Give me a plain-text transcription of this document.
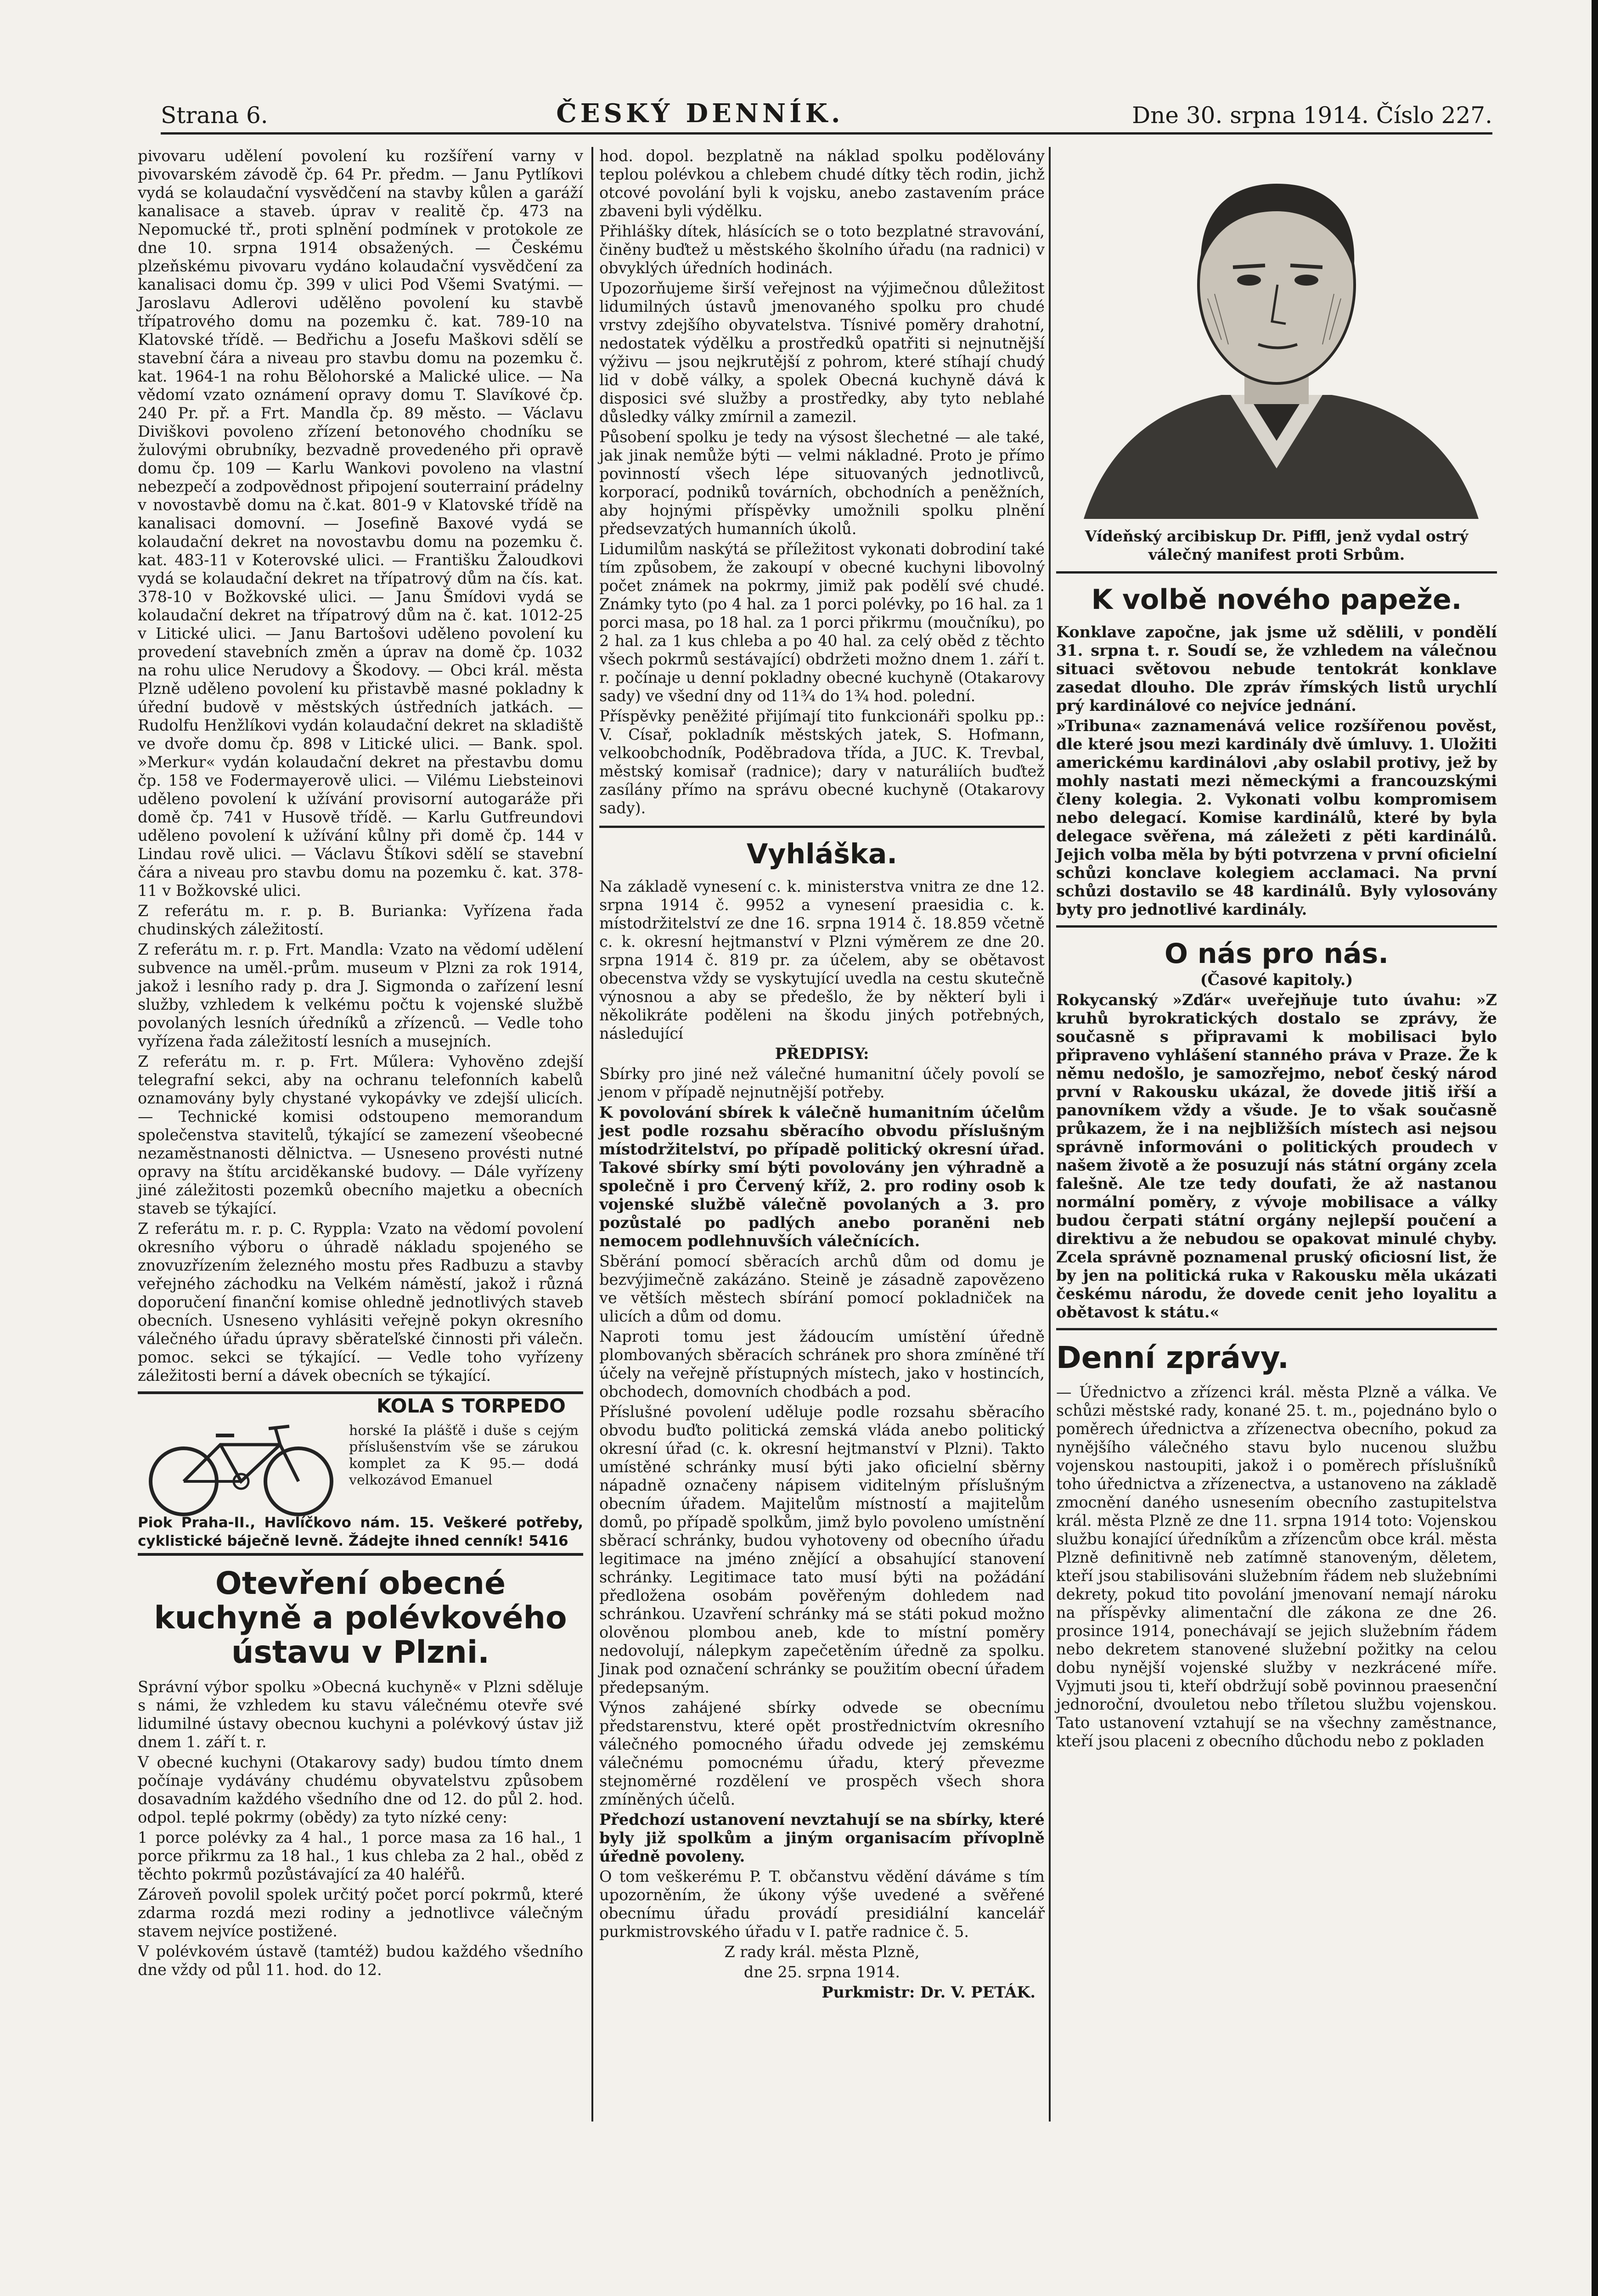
Strana 6.	ČESKÝ DENNÍK.	Dne 30. srpna 1914. Číslo 227.

pivovaru udělení povolení ku rozšíření varny v pivovarském závodě čp. 64 Pr. předm. — Janu Pytlíkovi vydá se kolaudační vysvědčení na stavby kůlen a garáží kanalisace a staveb. úprav v realitě čp. 473 na Nepomucké tř., proti splnění podmínek v protokole ze dne 10. srpna 1914 obsažených. — Českému plzeňskému pivovaru vydáno kolaudační vysvědčení za kanalisaci domu čp. 399 v ulici Pod Všemi Svatými. — Jaroslavu Adlerovi udělěno povolení ku stavbě třípatrového domu na pozemku č. kat. 789-10 na Klatovské třídě. — Bedřichu a Josefu Maškovi sdělí se stavební čára a niveau pro stavbu domu na pozemku č. kat. 1964-1 na rohu Bělohorské a Malické ulice. — Na vědomí vzato oznámení opravy domu T. Slavíkové čp. 240 Pr. př. a Frt. Mandla čp. 89 město. — Václavu Diviškovi povoleno zřízení betonového chodníku se žulovými obrubníky, bezvadně provedeného při opravě domu čp. 109 — Karlu Wankovi povoleno na vlastní nebezpečí a zodpovědnost připojení souterrainí prádelny v novostavbě domu na č.kat. 801-9 v Klatovské třídě na kanalisaci domovní. — Josefině Baxové vydá se kolaudační dekret na novostavbu domu na pozemku č. kat. 483-11 v Koterovské ulici. — Františku Žaloudkovi vydá se kolaudační dekret na třípatrový dům na čís. kat. 378-10 v Božkovské ulici. — Janu Šmídovi vydá se kolaudační dekret na třípatrový dům na č. kat. 1012-25 v Litické ulici. — Janu Bartošovi uděleno povolení ku provedení stavebních změn a úprav na domě čp. 1032 na rohu ulice Nerudovy a Škodovy. — Obci král. města Plzně uděleno povolení ku přistavbě masné pokladny k úřední budově v městských ústředních jatkách. — Rudolfu Henžlíkovi vydán kolaudační dekret na skladiště ve dvoře domu čp. 898 v Litické ulici. — Bank. spol. »Merkur« vydán kolaudační dekret na přestavbu domu čp. 158 ve Fodermayerově ulici. — Vilému Liebsteinovi uděleno povolení k užívání provisorní autogaráže při domě čp. 741 v Husově třídě. — Karlu Gutfreundovi uděleno povolení k užívání kůlny při domě čp. 144 v Lindau rově ulici. — Václavu Štíkovi sdělí se stavební čára a niveau pro stavbu domu na pozemku č. kat. 378-11 v Božkovské ulici.

Z referátu m. r. p. B. Burianka: Vyřízena řada chudinských záležitostí.

Z referátu m. r. p. Frt. Mandla: Vzato na vědomí udělení subvence na uměl.-prům. museum v Plzni za rok 1914, jakož i lesního rady p. dra J. Sigmonda o zařízení lesní služby, vzhledem k velkému počtu k vojenské službě povolaných lesních úředníků a zřízenců. — Vedle toho vyřízena řada záležitostí lesních a musejních.

Z referátu m. r. p. Frt. Műlera: Vyhověno zdejší telegrafní sekci, aby na ochranu telefonních kabelů oznamovány byly chystané vykopávky ve zdejší ulicích. — Technické komisi odstoupeno memorandum společenstva stavitelů, týkající se zamezení všeobecné nezaměstnanosti dělnictva. — Usneseno provésti nutné opravy na štítu arciděkanské budovy. — Dále vyřízeny jiné záležitosti pozemků obecního majetku a obecních staveb se týkající.

Z referátu m. r. p. C. Ryppla: Vzato na vědomí povolení okresního výboru o úhradě nákladu spojeného se znovuzřízením železného mostu přes Radbuzu a stavby veřejného záchodku na Velkém náměstí, jakož i různá doporučení finanční komise ohledně jednotlivých staveb obecních. Usneseno vyhlásiti veřejně pokyn okresního válečného úřadu úpravy sběrateľské činnosti při válečn. pomoc. sekci se týkající. — Vedle toho vyřízeny záležitosti berní a dávek obecních se týkající.

KOLA S TORPEDO
horské Ia plášťě i duše s cejým příslušenstvím vše se zárukou komplet za K 95.— dodá velkozávod Emanuel
Piok Praha-II., Havlíčkovo nám. 15. Veškeré potřeby, cyklistické báječně levně. Žádejte ihned cenník! 5416
Otevření obecné kuchyně a polévkového ústavu v Plzni.

Správní výbor spolku »Obecná kuchyně« v Plzni sděluje s námi, že vzhledem ku stavu válečnému otevře své lidumilné ústavy obecnou kuchyni a polévkový ústav již dnem 1. září t. r.

V obecné kuchyni (Otakarovy sady) budou tímto dnem počínaje vydávány chudému obyvatelstvu způsobem dosavadním každého všedního dne od 12. do půl 2. hod. odpol. teplé pokrmy (obědy) za tyto nízké ceny:

1 porce polévky za 4 hal., 1 porce masa za 16 hal., 1 porce přikrmu za 18 hal., 1 kus chleba za 2 hal., oběd z těchto pokrmů pozůstávající za 40 haléřů.

Zároveň povolil spolek určitý počet porcí pokrmů, které zdarma rozdá mezi rodiny a jednotlivce válečným stavem nejvíce postižené.

V polévkovém ústavě (tamtéž) budou každého všedního dne vždy od půl 11. hod. do 12.

hod. dopol. bezplatně na náklad spolku podělovány teplou polévkou a chlebem chudé dítky těch rodin, jichž otcové povolání byli k vojsku, anebo zastavením práce zbaveni byli výdělku.

Přihlášky dítek, hlásících se o toto bezplatné stravování, činěny buďtež u městského školního úřadu (na radnici) v obvyklých úředních hodinách.

Upozorňujeme širší veřejnost na výjimečnou důležitost lidumilných ústavů jmenovaného spolku pro chudé vrstvy zdejšího obyvatelstva. Tísnivé poměry drahotní, nedostatek výdělku a prostředků opatřiti si nejnutnější výživu — jsou nejkrutější z pohrom, které stíhají chudý lid v době války, a spolek Obecná kuchyně dává k disposici své služby a prostředky, aby tyto neblahé důsledky války zmírnil a zamezil.

Působení spolku je tedy na výsost šlechetné — ale také, jak jinak nemůže býti — velmi nákladné. Proto je přímo povinností všech lépe situovaných jednotlivců, korporací, podniků továrních, obchodních a peněžních, aby hojnými příspěvky umožnili spolku plnění předsevzatých humanních úkolů.

Lidumilům naskýtá se příležitost vykonati dobrodiní také tím způsobem, že zakoupí v obecné kuchyni libovolný počet známek na pokrmy, jimiž pak podělí své chudé. Známky tyto (po 4 hal. za 1 porci polévky, po 16 hal. za 1 porci masa, po 18 hal. za 1 porci přikrmu (moučníku), po 2 hal. za 1 kus chleba a po 40 hal. za celý oběd z těchto všech pokrmů sestávající) obdržeti možno dnem 1. září t. r. počínaje u denní pokladny obecné kuchyně (Otakarovy sady) ve všední dny od 11¾ do 1¾ hod. polední.

Příspěvky peněžité přijímají tito funkcionáři spolku pp.: V. Císař, pokladník městských jatek, S. Hofmann, velkoobchodník, Poděbradova třída, a JUC. K. Trevbal, městský komisař (radnice); dary v naturáliích buďtež zasílány přímo na správu obecné kuchyně (Otakarovy sady).

Vyhláška.

Na základě vynesení c. k. ministerstva vnitra ze dne 12. srpna 1914 č. 9952 a vynesení praesidia c. k. místodržitelství ze dne 16. srpna 1914 č. 18.859 včetně c. k. okresní hejtmanství v Plzni výměrem ze dne 20. srpna 1914 č. 819 pr. za účelem, aby se obětavost obecenstva vždy se vyskytující uvedla na cestu skutečně výnosnou a aby se předešlo, že by některí byli i několikráte poděleni na škodu jiných potřebných, následující

PŘEDPISY:

Sbírky pro jiné než válečné humanitní účely povolí se jenom v případě nejnutnější potřeby.

K povolování sbírek k válečně humanitním účelům jest podle rozsahu sběracího obvodu příslušným místodržitelství, po případě politický okresní úřad. Takové sbírky smí býti povolovány jen výhradně a společně i pro Červený kříž, 2. pro rodiny osob k vojenské službě válečně povolaných a 3. pro pozůstalé po padlých anebo poraněni neb nemocem podlehnuvších válečnících.

Sběrání pomocí sběracích archů dům od domu je bezvýjimečně zakázáno. Steině je zásadně zapovězeno ve větších městech sbírání pomocí pokladniček na ulicích a dům od domu.

Naproti tomu jest žádoucím umístění úředně plombovaných sběracích schránek pro shora zmíněné tří účely na veřejně přístupných místech, jako v hostincích, obchodech, domovních chodbách a pod.

Příslušné povolení uděluje podle rozsahu sběracího obvodu buďto politická zemská vláda anebo politický okresní úřad (c. k. okresní hejtmanství v Plzni). Takto umístěné schránky musí býti jako oficielní sběrny nápadně označeny nápisem viditelným příslušným obecním úřadem. Majitelům místností a majitelům domů, po případě spolkům, jimž bylo povoleno umístnění sběrací schránky, budou vyhotoveny od obecního úřadu legitimace na jméno znějící a obsahující stanovení schránky. Legitimace tato musí býti na požádání předložena osobám pověřeným dohledem nad schránkou. Uzavření schránky má se státi pokud možno olověnou plombou aneb, kde to místní poměry nedovolují, nálepkym zapečetěním úředně za spolku. Jinak pod označení schránky se použitím obecní úřadem předepsaným.

Výnos zahájené sbírky odvede se obecnímu předstarenstvu, které opět prostřednictvím okresního válečného pomocného úřadu odvede jej zemskému válečnému pomocnému úřadu, který převezme stejnoměrné rozdělení ve prospěch všech shora zmíněných účelů.

Předchozí ustanovení nevztahují se na sbírky, které byly již spolkům a jiným organisacím přívoplně úředně povoleny.

O tom veškerému P. T. občanstvu vědění dáváme s tím upozorněním, že úkony výše uvedené a svěřené obecnímu úřadu provádí presidiální kancelář purkmistrovského úřadu v I. patře radnice č. 5.

Z rady král. města Plzně,

dne 25. srpna 1914.

Purkmistr: Dr. V. PETÁK.

Vídeňský arcibiskup Dr. Piffl, jenž vydal ostrý válečný manifest proti Srbům.
K volbě nového papeže.

Konklave započne, jak jsme už sdělili, v pondělí 31. srpna t. r. Soudí se, že vzhledem na válečnou situaci světovou nebude tentokrát konklave zasedat dlouho. Dle zpráv římských listů urychlí prý kardinálové co nejvíce jednání.

»Tribuna« zaznamenává velice rozšířenou pověst, dle které jsou mezi kardinály dvě úmluvy. 1. Uložiti americkému kardinálovi ,aby oslabil protivy, jež by mohly nastati mezi německými a francouzskými členy kolegia. 2. Vykonati volbu kompromisem nebo delegací. Komise kardinálů, které by byla delegace svěřena, má záležeti z pěti kardinálů. Jejich volba měla by býti potvrzena v první oficielní schůzi konclave kolegiem acclamaci. Na první schůzi dostavilo se 48 kardinálů. Byly vylosovány byty pro jednotlivé kardinály.

O nás pro nás.

(Časové kapitoly.)

Rokycanský »Zďár« uveřejňuje tuto úvahu: »Z kruhů byrokratických dostalo se zprávy, že současně s připravami k mobilisaci bylo připraveno vyhlášení stanného práva v Praze. Že k němu nedošlo, je samozřejmo, neboť český národ první v Rakousku ukázal, že dovede jitiš iřší a panovníkem vždy a všude. Je to však současně průkazem, že i na nejbližších místech asi nejsou správně informováni o politických proudech v našem životě a že posuzují nás státní orgány zcela falešně. Ale tze tedy doufati, že až nastanou normální poměry, z vývoje mobilisace a války budou čerpati státní orgány nejlepší poučení a direktivu a že nebudou se opakovat minulé chyby. Zcela správně poznamenal pruský oficiosní list, že by jen na politická ruka v Rakousku měla ukázati českému národu, že dovede cenit jeho loyalitu a obětavost k státu.«

Denní zprávy.

— Úřednictvo a zřízenci král. města Plzně a válka. Ve schůzi městské rady, konané 25. t. m., pojednáno bylo o poměrech úřednictva a zřízenectva obecního, pokud za nynějšího válečného stavu bylo nucenou službu vojenskou nastoupiti, jakož i o poměrech příslušníků toho úřednictva a zřízenectva, a ustanoveno na základě zmocnění daného usnesením obecního zastupitelstva král. města Plzně ze dne 11. srpna 1914 toto: Vojenskou službu konající úředníkům a zřízencům obce král. města Plzně definitivně neb zatímně stanoveným, děletem, kteří jsou stabilisováni služebním řádem neb služebními dekrety, pokud tito povolání jmenovaní nemají nároku na příspěvky alimentační dle zákona ze dne 26. prosince 1914, ponechávají se jejich služebním řádem nebo dekretem stanovené služební požitky na celou dobu nynější vojenské služby v nezkrácené míře. Vyjmuti jsou ti, kteří obdržují sobě povinnou praesenční jednoroční, dvouletou nebo tříletou službu vojenskou. Tato ustanovení vztahují se na všechny zaměstnance, kteří jsou placeni z obecního důchodu nebo z pokladen
